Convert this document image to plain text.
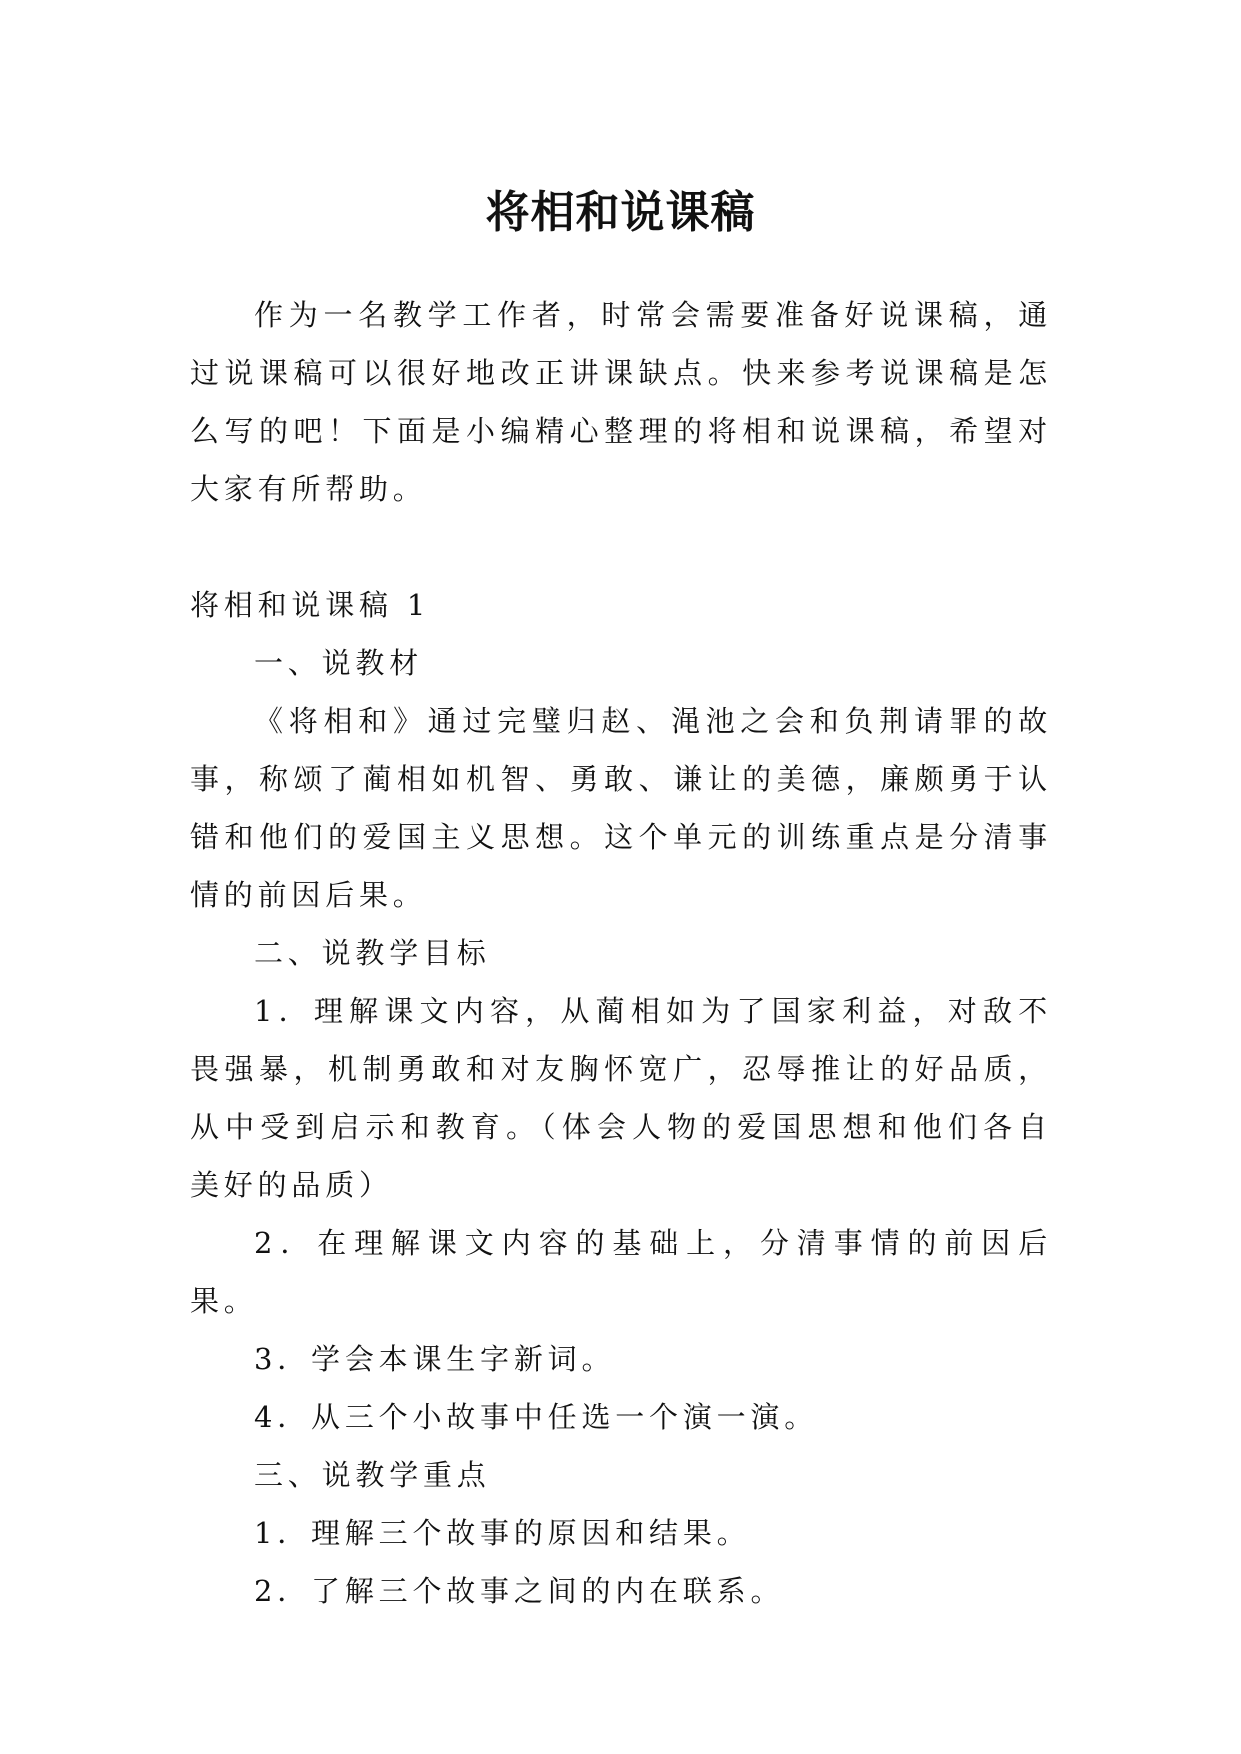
将相和说课稿

作为一名教学工作者，时常会需要准备好说课稿，通过说课稿可以很好地改正讲课缺点。快来参考说课稿是怎么写的吧！下面是小编精心整理的将相和说课稿，希望对大家有所帮助。

将相和说课稿 1

一、说教材

《将相和》通过完璧归赵、渑池之会和负荆请罪的故事，称颂了蔺相如机智、勇敢、谦让的美德，廉颇勇于认错和他们的爱国主义思想。这个单元的训练重点是分清事情的前因后果。

二、说教学目标

1．理解课文内容，从蔺相如为了国家利益，对敌不畏强暴，机制勇敢和对友胸怀宽广，忍辱推让的好品质，从中受到启示和教育。（体会人物的爱国思想和他们各自美好的品质）

2．在理解课文内容的基础上，分清事情的前因后果。

3．学会本课生字新词。

4．从三个小故事中任选一个演一演。

三、说教学重点

1．理解三个故事的原因和结果。

2．了解三个故事之间的内在联系。
